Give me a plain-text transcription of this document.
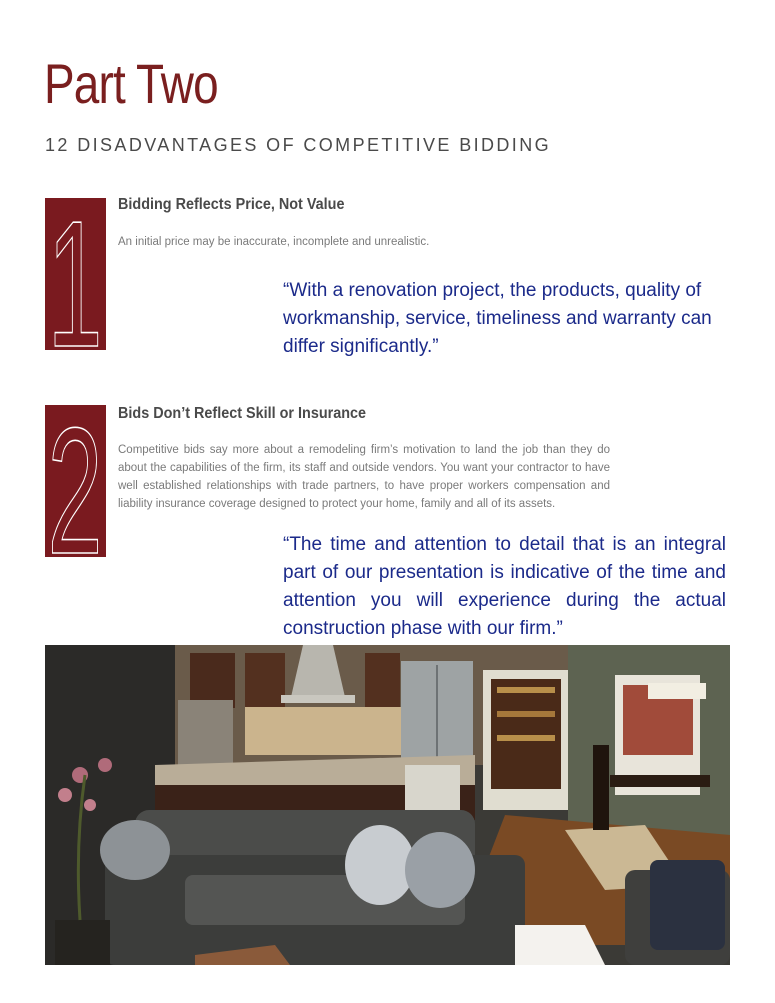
Part Two
12 DISADVANTAGES OF COMPETITIVE BIDDING
1 Bidding Reflects Price, Not Value
An initial price may be inaccurate, incomplete and unrealistic.
“With a renovation project, the products, quality of workmanship, service, timeliness and warranty can differ significantly.”
2 Bids Don’t Reflect Skill or Insurance
Competitive bids say more about a remodeling firm’s motivation to land the job than they do about the capabilities of the firm, its staff and outside vendors. You want your contractor to have well established relationships with trade partners, to have proper workers compensation and liability insurance coverage designed to protect your home, family and all of its assets.
“The time and attention to detail that is an integral part of our presentation is indicative of the time and attention you will experience during the actual construction phase with our firm.”
